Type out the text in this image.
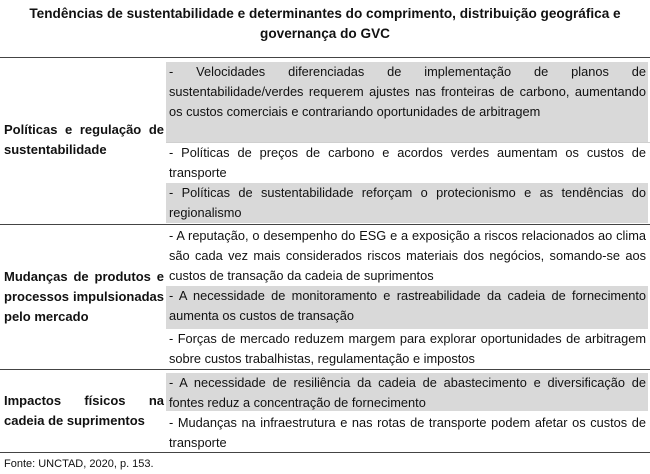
Tendências de sustentabilidade e determinantes do comprimento, distribuição geográfica e governança do GVC
Políticas e regulação de sustentabilidade
- Velocidades diferenciadas de implementação de planos de sustentabilidade/verdes requerem ajustes nas fronteiras de carbono, aumentando os custos comerciais e contrariando oportunidades de arbitragem
- Políticas de preços de carbono e acordos verdes aumentam os custos de transporte
- Políticas de sustentabilidade reforçam o protecionismo e as tendências do regionalismo
Mudanças de produtos e processos impulsionadas pelo mercado
- A reputação, o desempenho do ESG e a exposição a riscos relacionados ao clima são cada vez mais considerados riscos materiais dos negócios, somando-se aos custos de transação da cadeia de suprimentos
- A necessidade de monitoramento e rastreabilidade da cadeia de fornecimento aumenta os custos de transação
- Forças de mercado reduzem margem para explorar oportunidades de arbitragem sobre custos trabalhistas, regulamentação e impostos
Impactos físicos na cadeia de suprimentos
- A necessidade de resiliência da cadeia de abastecimento e diversificação de fontes reduz a concentração de fornecimento
- Mudanças na infraestrutura e nas rotas de transporte podem afetar os custos de transporte
Fonte: UNCTAD, 2020, p. 153.
